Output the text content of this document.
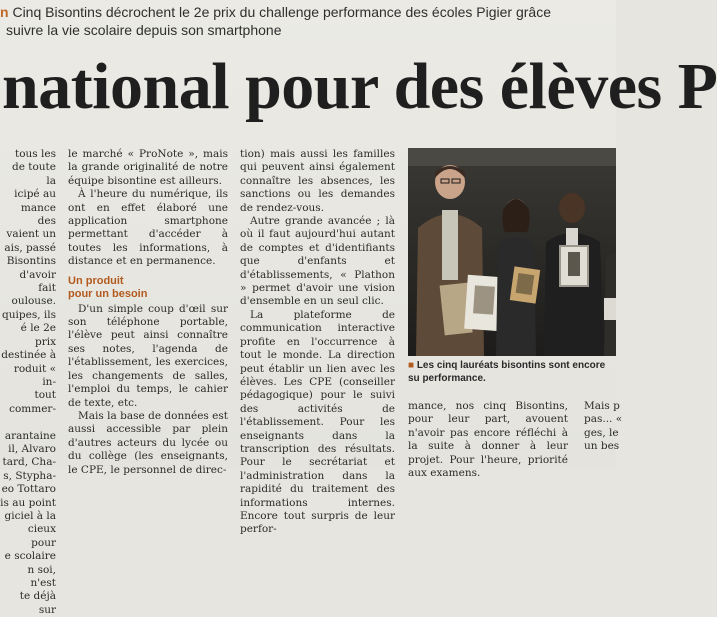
n Cinq Bisontins décrochent le 2e prix du challenge performance des écoles Pigier grâce
suivre la vie scolaire depuis son smartphone
national pour des élèves P

tous les

de toute la

icipé au

mance des

vaient un

ais, passé

Bisontins

d'avoir fait

oulouse.

quipes, ils

é le 2e prix

destinée à

roduit « in-

tout commer-

arantaine

il, Alvaro

tard, Cha-

s, Stypha-

eo Tottaro

is au point

giciel à la

cieux pour

e scolaire

n soi, n'est

te déjà sur

le marché « ProNote », mais la grande originalité de notre équipe bisontine est ailleurs.

À l'heure du numérique, ils ont en effet élaboré une application smartphone permettant d'accéder à toutes les informations, à distance et en permanence.

Un produit
pour un besoin

D'un simple coup d'œil sur son téléphone portable, l'élève peut ainsi connaître ses notes, l'agenda de l'établissement, les exercices, les changements de salles, l'emploi du temps, le cahier de texte, etc.

Mais la base de données est aussi accessible par plein d'autres acteurs du lycée ou du collège (les enseignants, le CPE, le personnel de direc-

tion) mais aussi les familles qui peuvent ainsi également connaître les absences, les sanctions ou les demandes de rendez-vous.

Autre grande avancée ; là où il faut aujourd'hui autant de comptes et d'identifiants que d'enfants et d'établissements, « Plathon » permet d'avoir une vision d'ensemble en un seul clic.

La plateforme de communication interactive profite en l'occurrence à tout le monde. La direction peut établir un lien avec les élèves. Les CPE (conseiller pédagogique) pour le suivi des activités de l'établissement. Pour les enseignants dans la transcription des résultats. Pour le secrétariat et l'administration dans la rapidité du traitement des informations internes. Encore tout surpris de leur perfor-

■ Les cinq lauréats bisontins sont encore su performance.

mance, nos cinq Bisontins, pour leur part, avouent n'avoir pas encore réfléchi à la suite à donner à leur projet. Pour l'heure, priorité aux examens.

Mais p

pas... «

ges, le

un bes
